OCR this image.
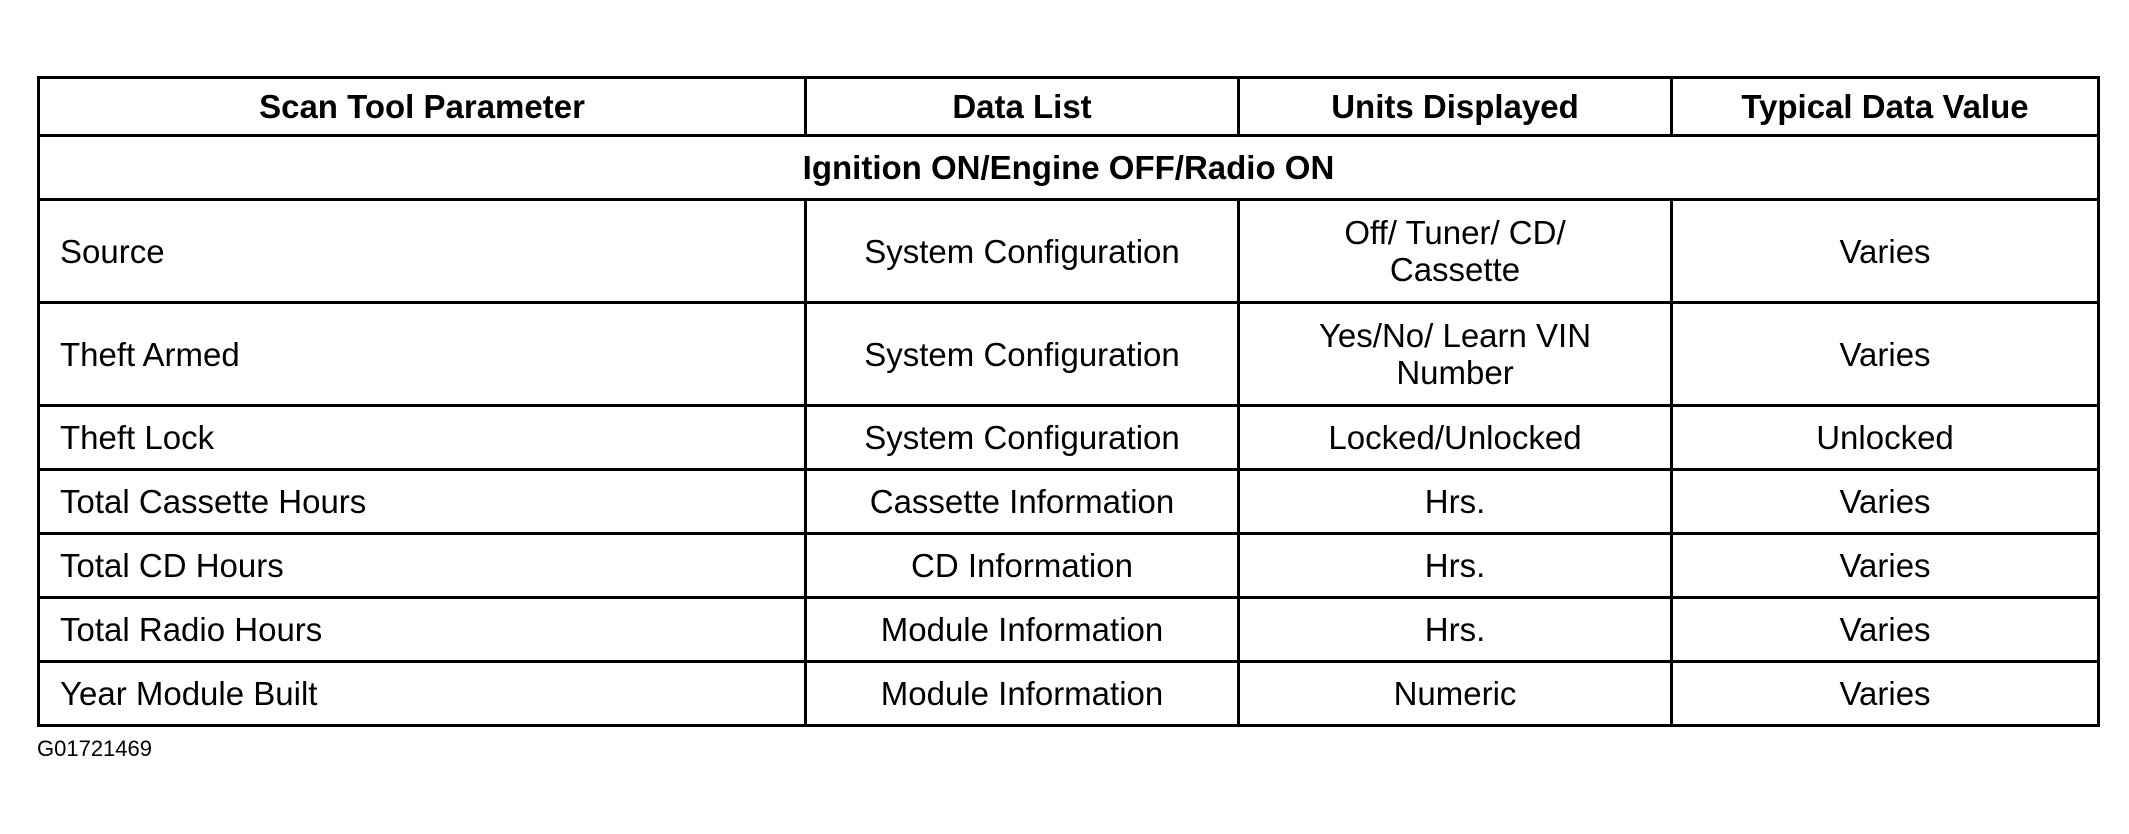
Scan Tool Parameter	Data List	Units Displayed	Typical Data Value
Ignition ON/Engine OFF/Radio ON			
Source	System Configuration	Off/ Tuner/ CD/ Cassette	Varies
Theft Armed	System Configuration	Yes/No/ Learn VIN Number	Varies
Theft Lock	System Configuration	Locked/Unlocked	Unlocked
Total Cassette Hours	Cassette Information	Hrs.	Varies
Total CD Hours	CD Information	Hrs.	Varies
Total Radio Hours	Module Information	Hrs.	Varies
Year Module Built	Module Information	Numeric	Varies
G01721469
